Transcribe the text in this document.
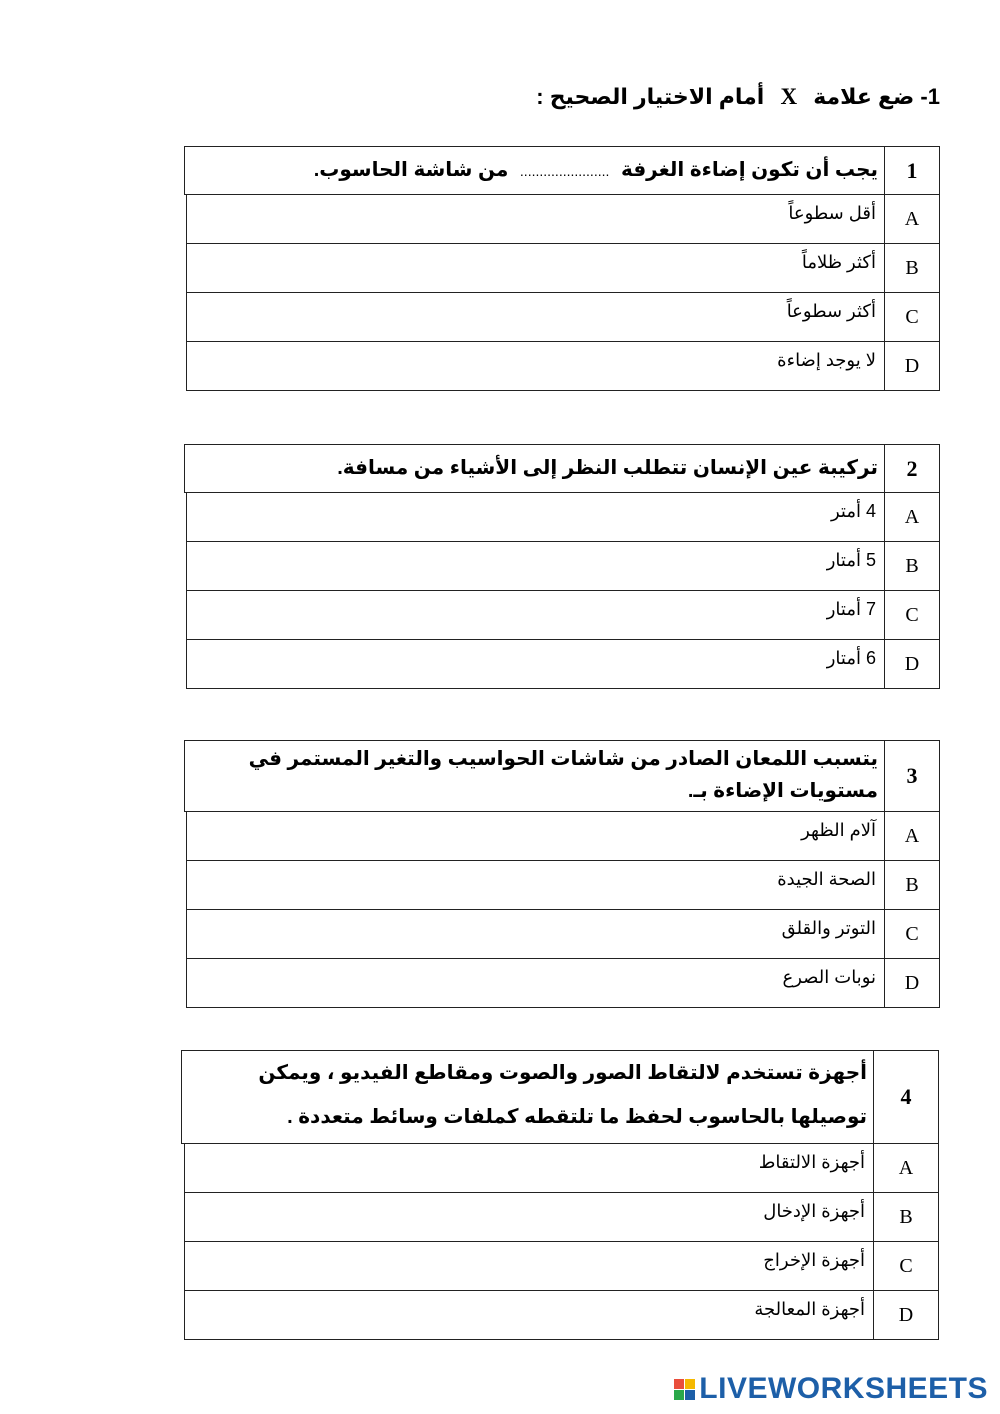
1- ضع علامة X أمام الاختيار الصحيح :
1
يجب أن تكون إضاءة الغرفة ....................... من شاشة الحاسوب.
A
أقل سطوعاً
B
أكثر ظلاماً
C
أكثر سطوعاً
D
لا يوجد إضاءة
2
تركيبة عين الإنسان تتطلب النظر إلى الأشياء من مسافة.
A
4 أمتر
B
5 أمتار
C
7 أمتار
D
6 أمتار
3
يتسبب اللمعان الصادر من شاشات الحواسيب والتغير المستمر في مستويات الإضاءة بـ.
A
آلام الظهر
B
الصحة الجيدة
C
التوتر والقلق
D
نوبات الصرع
4
أجهزة تستخدم لالتقاط الصور والصوت ومقاطع الفيديو ، ويمكن توصيلها بالحاسوب لحفظ ما تلتقطه كملفات وسائط متعددة .
A
أجهزة الالتقاط
B
أجهزة الإدخال
C
أجهزة الإخراج
D
أجهزة المعالجة
LIVEWORKSHEETS
